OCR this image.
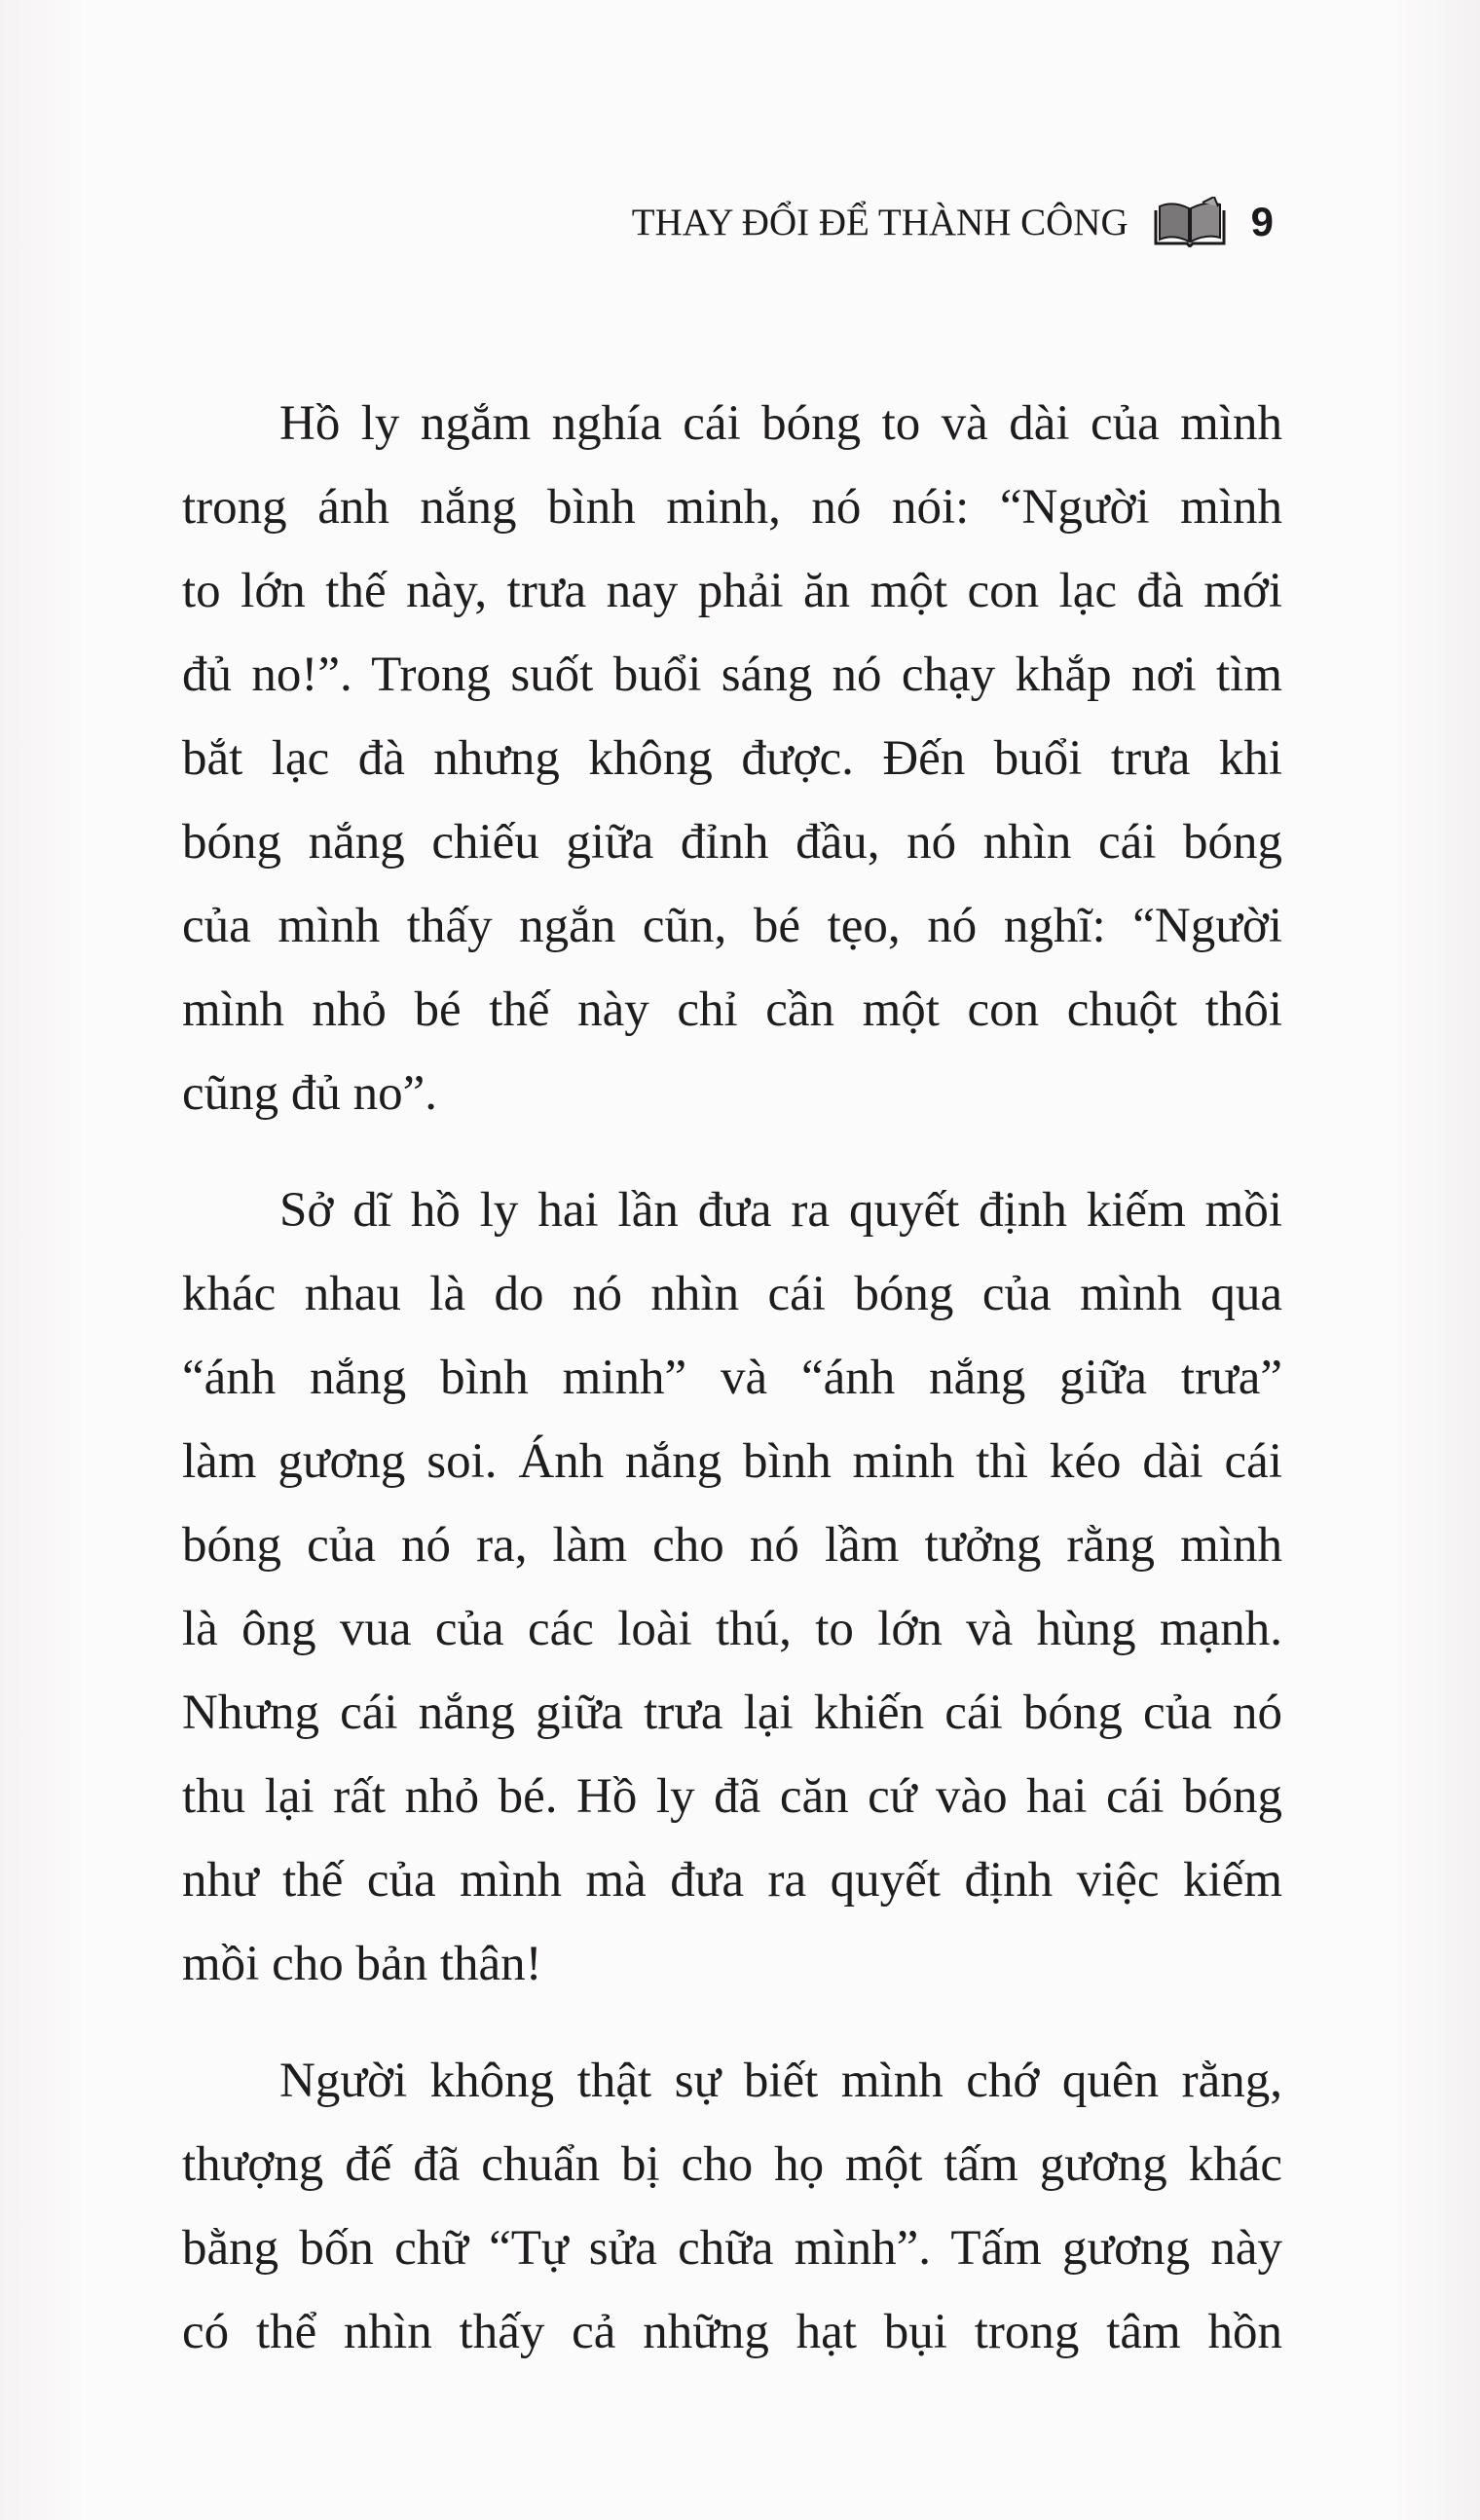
THAY ĐỔI ĐỂ THÀNH CÔNG	9
Hồ ly ngắm nghía cái bóng to và dài của mình
trong ánh nắng bình minh, nó nói: “Người mình
to lớn thế này, trưa nay phải ăn một con lạc đà mới
đủ no!”. Trong suốt buổi sáng nó chạy khắp nơi tìm
bắt lạc đà nhưng không được. Đến buổi trưa khi
bóng nắng chiếu giữa đỉnh đầu, nó nhìn cái bóng
của mình thấy ngắn cũn, bé tẹo, nó nghĩ: “Người
mình nhỏ bé thế này chỉ cần một con chuột thôi
cũng đủ no”.
Sở dĩ hồ ly hai lần đưa ra quyết định kiếm mồi
khác nhau là do nó nhìn cái bóng của mình qua
“ánh nắng bình minh” và “ánh nắng giữa trưa”
làm gương soi. Ánh nắng bình minh thì kéo dài cái
bóng của nó ra, làm cho nó lầm tưởng rằng mình
là ông vua của các loài thú, to lớn và hùng mạnh.
Nhưng cái nắng giữa trưa lại khiến cái bóng của nó
thu lại rất nhỏ bé. Hồ ly đã căn cứ vào hai cái bóng
như thế của mình mà đưa ra quyết định việc kiếm
mồi cho bản thân!
Người không thật sự biết mình chớ quên rằng,
thượng đế đã chuẩn bị cho họ một tấm gương khác
bằng bốn chữ “Tự sửa chữa mình”. Tấm gương này
có thể nhìn thấy cả những hạt bụi trong tâm hồn
